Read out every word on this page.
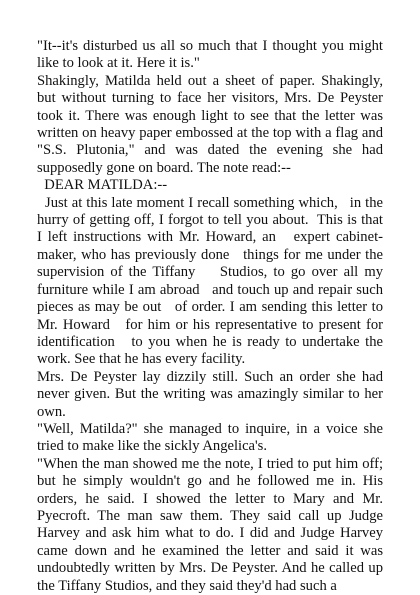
"It--it's disturbed us all so much that I thought you might like to look at it. Here it is."

Shakingly, Matilda held out a sheet of paper. Shakingly, but without turning to face her visitors, Mrs. De Peyster took it. There was enough light to see that the letter was written on heavy paper embossed at the top with a flag and "S.S. Plutonia," and was dated the evening she had supposedly gone on board. The note read:--

DEAR MATILDA:--

Just at this late moment I recall something which,   in the hurry of getting off, I forgot to tell you about.  This is that I left instructions with Mr. Howard, an   expert cabinet-maker, who has previously done   things for me under the supervision of the Tiffany    Studios, to go over all my furniture while I am abroad   and touch up and repair such pieces as may be out   of order. I am sending this letter to Mr. Howard   for him or his representative to present for identification   to you when he is ready to undertake the work. See that he has every facility.

Mrs. De Peyster lay dizzily still. Such an order she had never given. But the writing was amazingly similar to her own.

"Well, Matilda?" she managed to inquire, in a voice she tried to make like the sickly Angelica's.

"When the man showed me the note, I tried to put him off; but he simply wouldn't go and he followed me in. His orders, he said. I showed the letter to Mary and Mr. Pyecroft. The man saw them. They said call up Judge Harvey and ask him what to do. I did and Judge Harvey came down and he examined the letter and said it was undoubtedly written by Mrs. De Peyster. And he called up the Tiffany Studios, and they said they'd had such a
